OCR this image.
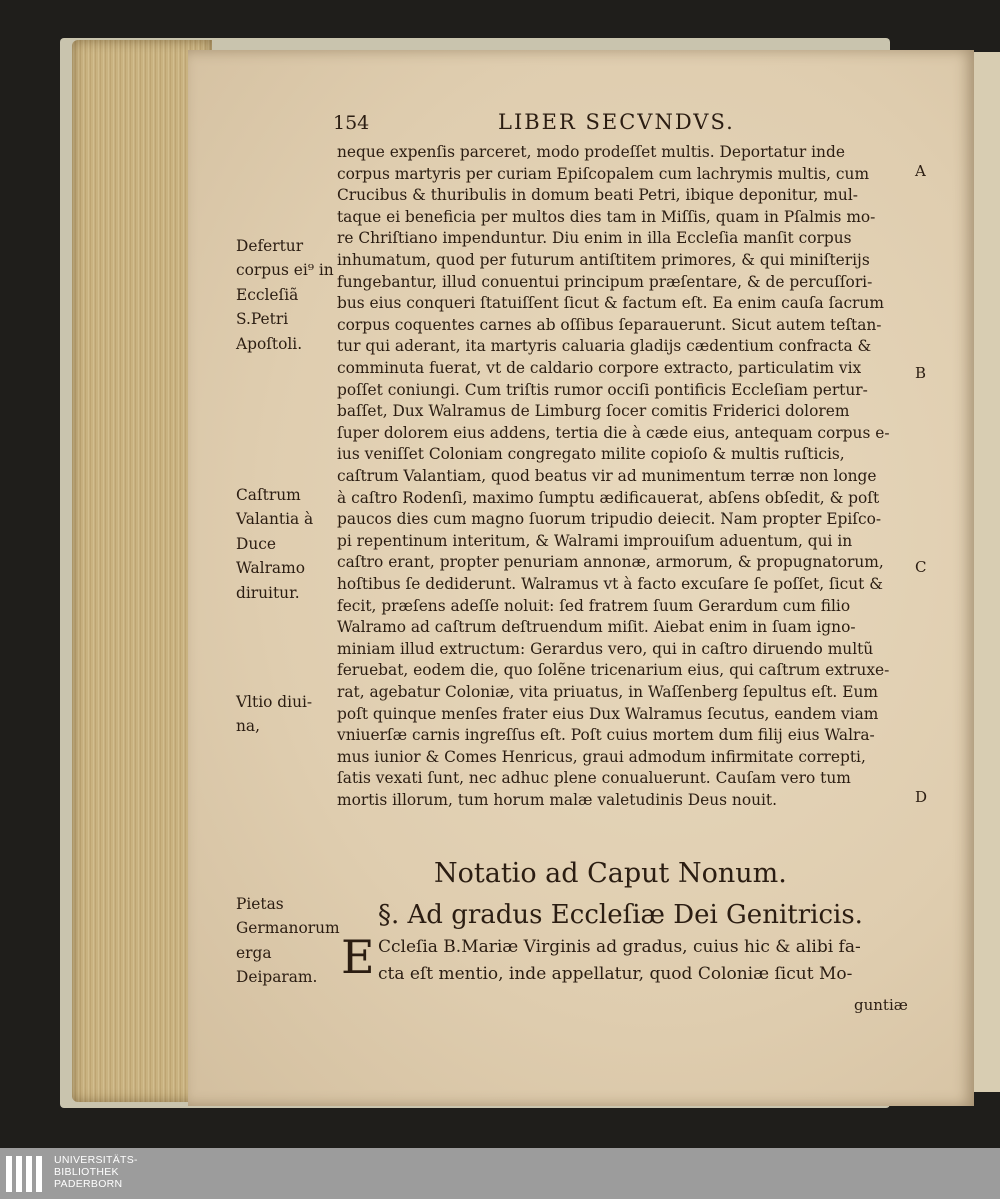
154	LIBER SECVNDVS.
neque expenſis parceret, modo prodeſſet multis. Deportatur inde
corpus martyris per curiam Epiſcopalem cum lachrymis multis, cum
Crucibus & thuribulis in domum beati Petri, ibique deponitur, mul-
taque ei beneficia per multos dies tam in Miſſis, quam in Pſalmis mo-
re Chriſtiano impenduntur. Diu enim in illa Eccleſia manſit corpus
inhumatum, quod per futurum antiſtitem primores, & qui miniſterijs
fungebantur, illud conuentui principum præſentare, & de percuſſori-
bus eius conqueri ſtatuiſſent ſicut & factum eſt. Ea enim cauſa ſacrum
corpus coquentes carnes ab oſſibus ſeparauerunt. Sicut autem teſtan-
tur qui aderant, ita martyris caluaria gladijs cædentium confracta &
comminuta fuerat, vt de caldario corpore extracto, particulatim vix
poſſet coniungi. Cum triſtis rumor occiſi pontificis Eccleſiam pertur-
baſſet, Dux Walramus de Limburg ſocer comitis Friderici dolorem
ſuper dolorem eius addens, tertia die à cæde eius, antequam corpus e-
ius veniſſet Coloniam congregato milite copioſo & multis ruſticis,
caſtrum Valantiam, quod beatus vir ad munimentum terræ non longe
à caſtro Rodenſi, maximo ſumptu ædificauerat, abſens obſedit, & poſt
paucos dies cum magno ſuorum tripudio deiecit. Nam propter Epiſco-
pi repentinum interitum, & Walrami improuiſum aduentum, qui in
caſtro erant, propter penuriam annonæ, armorum, & propugnatorum,
hoſtibus ſe dediderunt. Walramus vt à facto excuſare ſe poſſet, ſicut &
fecit, præſens adeſſe noluit: ſed fratrem ſuum Gerardum cum filio
Walramo ad caſtrum deſtruendum miſit. Aiebat enim in ſuam igno-
miniam illud extructum: Gerardus vero, qui in caſtro diruendo multũ
feruebat, eodem die, quo ſolẽne tricenarium eius, qui caſtrum extruxe-
rat, agebatur Coloniæ, vita priuatus, in Waſſenberg ſepultus eſt. Eum
poſt quinque menſes frater eius Dux Walramus ſecutus, eandem viam
vniuerſæ carnis ingreſſus eſt. Poſt cuius mortem dum filij eius Walra-
mus iunior & Comes Henricus, graui admodum infirmitate correpti,
ſatis vexati ſunt, nec adhuc plene conualuerunt. Cauſam vero tum
mortis illorum, tum horum malæ valetudinis Deus nouit.
A
B
C
D
Defertur corpus ei⁹ in Eccleſiã S.Petri Apoſtoli.
Caſtrum Valantia à Duce Walramo diruitur.
Vltio diui-na,
Pietas Germanorum erga Deiparam.
Notatio ad Caput Nonum.
§. Ad gradus Eccleſiæ Dei Genitricis.
E Ccleſia B.Mariæ Virginis ad gradus, cuius hic & alibi fa-
cta eſt mentio, inde appellatur, quod Coloniæ ſicut Mo-
guntiæ
UNIVERSITÄTS-
BIBLIOTHEK
PADERBORN
